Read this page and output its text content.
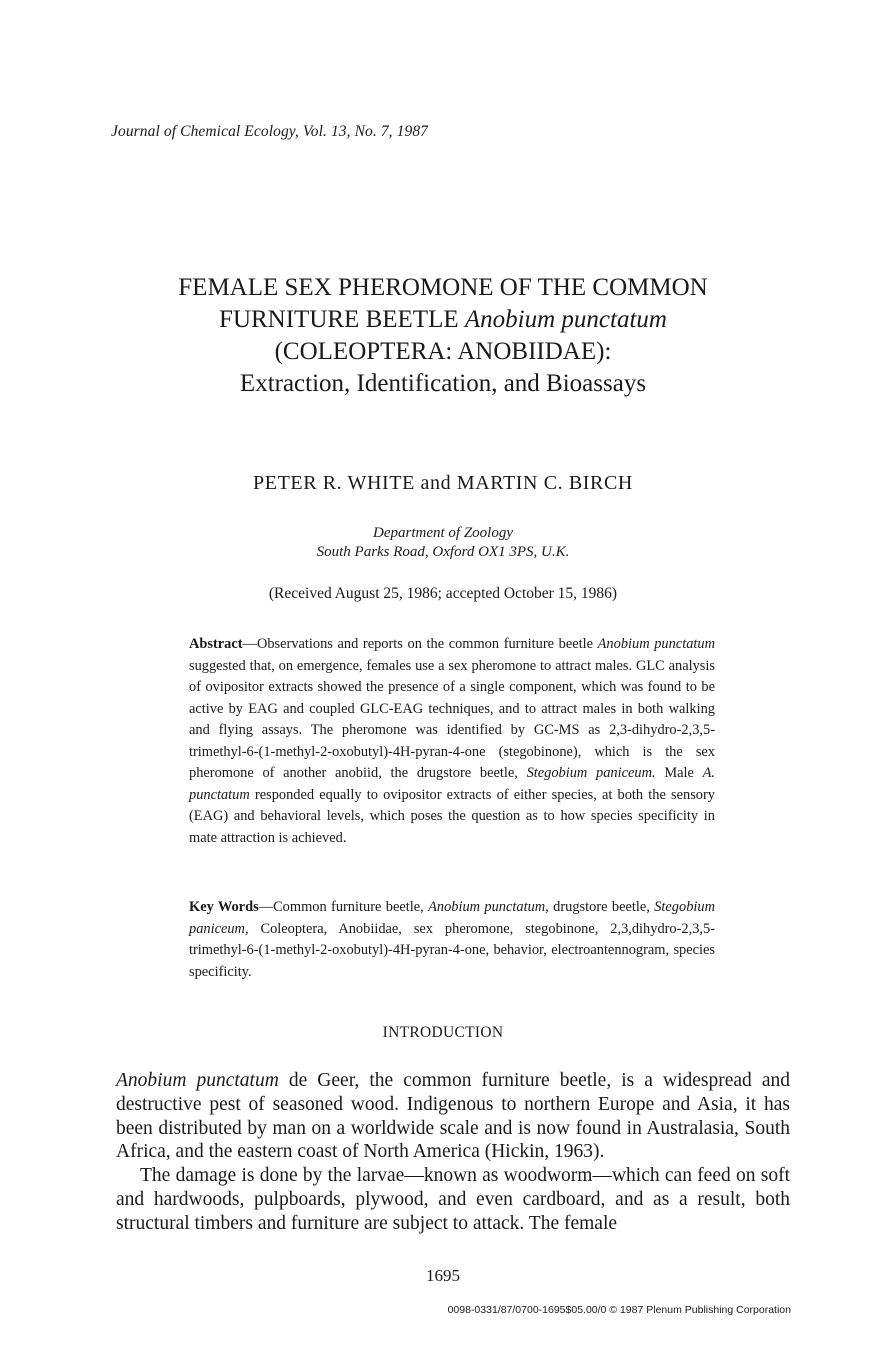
Journal of Chemical Ecology, Vol. 13, No. 7, 1987
FEMALE SEX PHEROMONE OF THE COMMON
FURNITURE BEETLE Anobium punctatum
(COLEOPTERA: ANOBIIDAE):
Extraction, Identification, and Bioassays
PETER R. WHITE and MARTIN C. BIRCH
Department of Zoology
South Parks Road, Oxford OX1 3PS, U.K.
(Received August 25, 1986; accepted October 15, 1986)
Abstract—Observations and reports on the common furniture beetle Anobium punctatum suggested that, on emergence, females use a sex pheromone to attract males. GLC analysis of ovipositor extracts showed the presence of a single component, which was found to be active by EAG and coupled GLC-EAG techniques, and to attract males in both walking and flying assays. The pheromone was identified by GC-MS as 2,3-dihydro-2,3,5-trimethyl-6-(1-methyl-2-oxobutyl)-4H-pyran-4-one (stegobinone), which is the sex pheromone of another anobiid, the drugstore beetle, Stegobium paniceum. Male A. punctatum responded equally to ovipositor extracts of either species, at both the sensory (EAG) and behavioral levels, which poses the question as to how species specificity in mate attraction is achieved.
Key Words—Common furniture beetle, Anobium punctatum, drugstore beetle, Stegobium paniceum, Coleoptera, Anobiidae, sex pheromone, stegobinone, 2,3,dihydro-2,3,5-trimethyl-6-(1-methyl-2-oxobutyl)-4H-pyran-4-one, behavior, electroantennogram, species specificity.
INTRODUCTION

Anobium punctatum de Geer, the common furniture beetle, is a widespread and destructive pest of seasoned wood. Indigenous to northern Europe and Asia, it has been distributed by man on a worldwide scale and is now found in Australasia, South Africa, and the eastern coast of North America (Hickin, 1963).

The damage is done by the larvae—known as woodworm—which can feed on soft and hardwoods, pulpboards, plywood, and even cardboard, and as a result, both structural timbers and furniture are subject to attack. The female

1695
0098-0331/87/0700-1695$05.00/0 © 1987 Plenum Publishing Corporation
